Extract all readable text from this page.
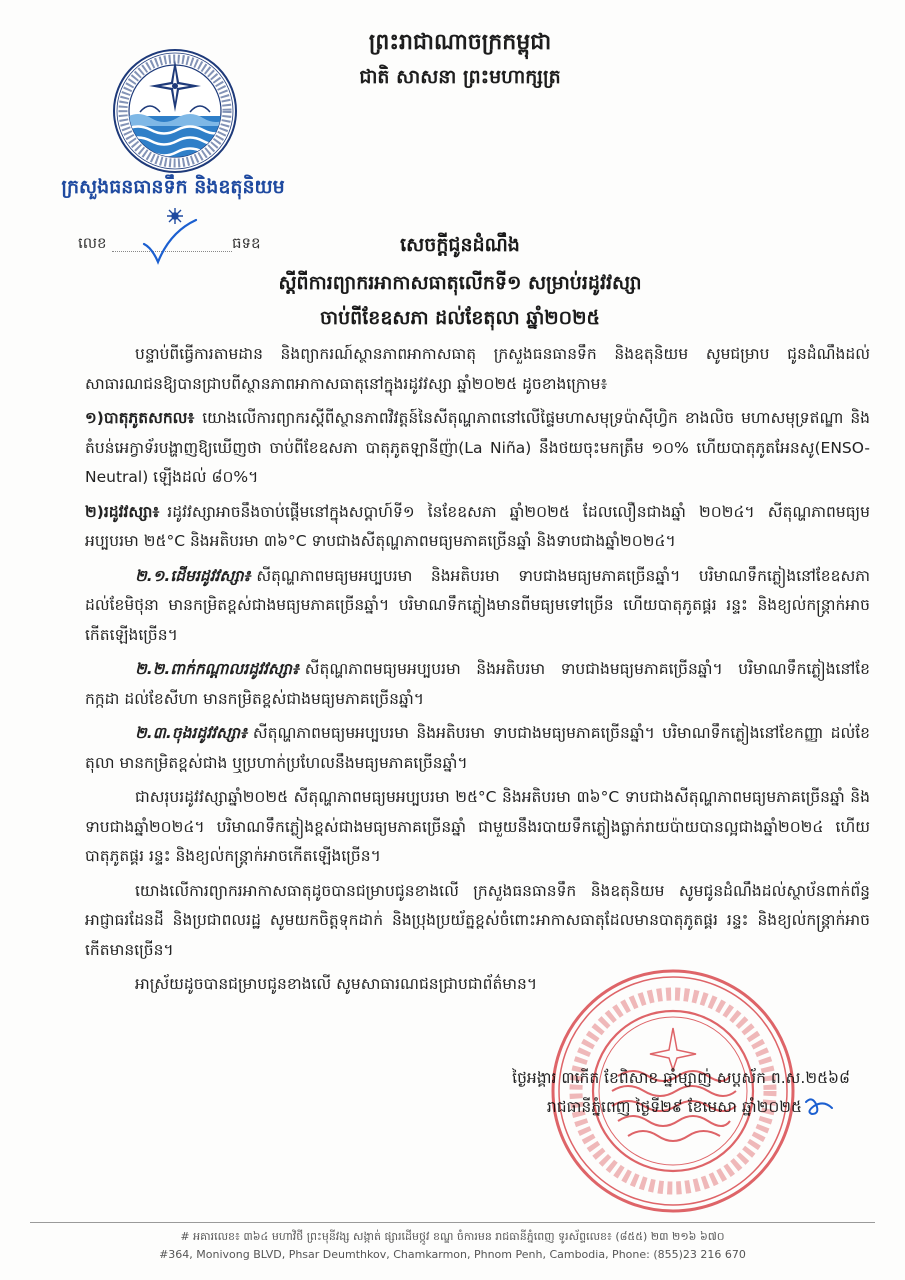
ព្រះរាជាណាចក្រកម្ពុជា
ជាតិ សាសនា ព្រះមហាក្សត្រ
ក្រសួងធនធានទឹក និងឧតុនិយម
លេខ	ធទឧ	សេចក្តីជូនដំណឹង
ស្តីពីការព្យាករអាកាសធាតុលើកទី១ សម្រាប់រដូវវស្សា
ចាប់ពីខែឧសភា ដល់ខែតុលា ឆ្នាំ២០២៥

បន្ទាប់ពីធ្វើការតាមដាន និងព្យាករណ៍ស្ថានភាពអាកាសធាតុ ក្រសួងធនធានទឹក និងឧតុនិយម សូមជម្រាប ជូនដំណឹងដល់សាធារណជនឱ្យបានជ្រាបពីស្ថានភាពអាកាសធាតុនៅក្នុងរដូវវស្សា ឆ្នាំ២០២៥ ដូចខាងក្រោម៖

១)បាតុភូតសកល៖ យោងលើការព្យាករស្តីពីស្ថានភាពវិវត្តន៍នៃសីតុណ្ហភាពនៅលើផ្ទៃមហាសមុទ្រប៉ាស៊ីហ្វិក ខាងលិច មហាសមុទ្រឥណ្ឌា និងតំបន់អេក្វាទ័របង្ហាញឱ្យឃើញថា ចាប់ពីខែឧសភា បាតុភូតឡានីញ៉ា(La Niña) នឹងថយចុះមកត្រឹម ១០% ហើយបាតុភូតអែនសូ(ENSO-Neutral) ឡើងដល់ ៨០%។

២)រដូវវស្សា៖ រដូវវស្សាអាចនឹងចាប់ផ្តើមនៅក្នុងសប្តាហ៍ទី១ នៃខែឧសភា ឆ្នាំ២០២៥ ដែលលឿនជាងឆ្នាំ ២០២៤។ សីតុណ្ហភាពមធ្យមអប្បបរមា ២៥°C និងអតិបរមា ៣៦°C ទាបជាងសីតុណ្ហភាពមធ្យមភាគច្រើនឆ្នាំ និងទាបជាងឆ្នាំ២០២៤។

២.១.ដើមរដូវវស្សា៖ សីតុណ្ហភាពមធ្យមអប្បបរមា និងអតិបរមា ទាបជាងមធ្យមភាគច្រើនឆ្នាំ។ បរិមាណទឹកភ្លៀងនៅខែឧសភា ដល់ខែមិថុនា មានកម្រិតខ្ពស់ជាងមធ្យមភាគច្រើនឆ្នាំ។ បរិមាណទឹកភ្លៀងមានពីមធ្យមទៅច្រើន ហើយបាតុភូតផ្គរ រន្ទះ និងខ្យល់កន្ត្រាក់អាចកើតឡើងច្រើន។

២.២.ពាក់កណ្តាលរដូវវស្សា៖ សីតុណ្ហភាពមធ្យមអប្បបរមា និងអតិបរមា ទាបជាងមធ្យមភាគច្រើនឆ្នាំ។ បរិមាណទឹកភ្លៀងនៅខែកក្កដា ដល់ខែសីហា មានកម្រិតខ្ពស់ជាងមធ្យមភាគច្រើនឆ្នាំ។

២.៣.ចុងរដូវវស្សា៖ សីតុណ្ហភាពមធ្យមអប្បបរមា និងអតិបរមា ទាបជាងមធ្យមភាគច្រើនឆ្នាំ។ បរិមាណទឹកភ្លៀងនៅខែកញ្ញា ដល់ខែតុលា មានកម្រិតខ្ពស់ជាង ឬប្រហាក់ប្រហែលនឹងមធ្យមភាគច្រើនឆ្នាំ។

ជាសរុបរដូវវស្សាឆ្នាំ២០២៥ សីតុណ្ហភាពមធ្យមអប្បបរមា ២៥°C និងអតិបរមា ៣៦°C ទាបជាងសីតុណ្ហភាពមធ្យមភាគច្រើនឆ្នាំ និងទាបជាងឆ្នាំ២០២៤។ បរិមាណទឹកភ្លៀងខ្ពស់ជាងមធ្យមភាគច្រើនឆ្នាំ ជាមួយនឹងរបាយទឹកភ្លៀងធ្លាក់រាយប៉ាយបានល្អជាងឆ្នាំ២០២៤ ហើយបាតុភូតផ្គរ រន្ទះ និងខ្យល់កន្ត្រាក់អាចកើតឡើងច្រើន។

យោងលើការព្យាករអាកាសធាតុដូចបានជម្រាបជូនខាងលើ ក្រសួងធនធានទឹក និងឧតុនិយម សូមជូនដំណឹងដល់ស្ថាប័នពាក់ព័ន្ធ អាជ្ញាធរដែនដី និងប្រជាពលរដ្ឋ សូមយកចិត្តទុកដាក់ និងប្រុងប្រយ័ត្នខ្ពស់ចំពោះអាកាសធាតុដែលមានបាតុភូតផ្គរ រន្ទះ និងខ្យល់កន្ត្រាក់អាចកើតមានច្រើន។

អាស្រ័យដូចបានជម្រាបជូនខាងលើ សូមសាធារណជនជ្រាបជាព័ត៌មាន។

ថ្ងៃអង្គារ ៣កើត ខែពិសាខ ឆ្នាំម្សាញ់ សប្តស័ក ព.ស.២៥៦៨
រាជធានីភ្នំពេញ ថ្ងៃទី២៩ ខែមេសា ឆ្នាំ២០២៥
# អគារលេខ៖ ៣៦៤ មហាវិថី ព្រះមុនីវង្ស សង្កាត់ ផ្សារដើមថ្កូវ ខណ្ឌ ចំការមន រាជធានីភ្នំពេញ ទូរស័ព្ទលេខ៖ (៨៥៥) ២៣ ២១៦ ៦៧០
#364, Monivong BLVD, Phsar Deumthkov, Chamkarmon, Phnom Penh, Cambodia, Phone: (855)23 216 670
